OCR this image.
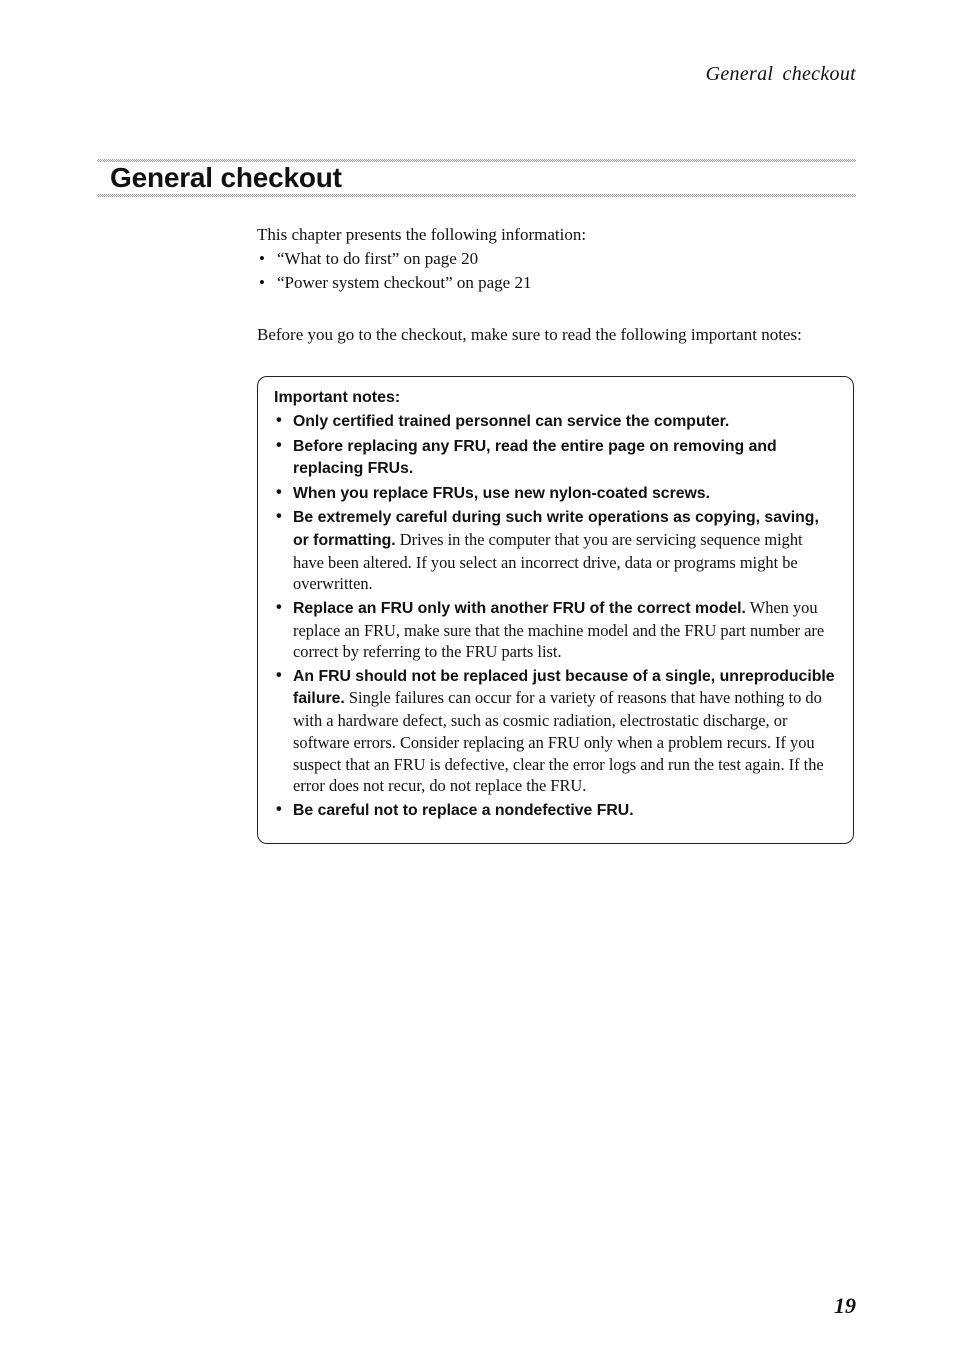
General checkout
General checkout

This chapter presents the following information:

• “What to do first” on page 20
• “Power system checkout” on page 21

Before you go to the checkout, make sure to read the following important notes:

Important notes:
• Only certified trained personnel can service the computer.
• Before replacing any FRU, read the entire page on removing and replacing FRUs.
• When you replace FRUs, use new nylon-coated screws.
• Be extremely careful during such write operations as copying, saving, or formatting. Drives in the computer that you are servicing sequence might have been altered. If you select an incorrect drive, data or programs might be overwritten.
• Replace an FRU only with another FRU of the correct model. When you replace an FRU, make sure that the machine model and the FRU part number are correct by referring to the FRU parts list.
• An FRU should not be replaced just because of a single, unreproducible failure. Single failures can occur for a variety of reasons that have nothing to do with a hardware defect, such as cosmic radiation, electrostatic discharge, or software errors. Consider replacing an FRU only when a problem recurs. If you suspect that an FRU is defective, clear the error logs and run the test again. If the error does not recur, do not replace the FRU.
• Be careful not to replace a nondefective FRU.
19
